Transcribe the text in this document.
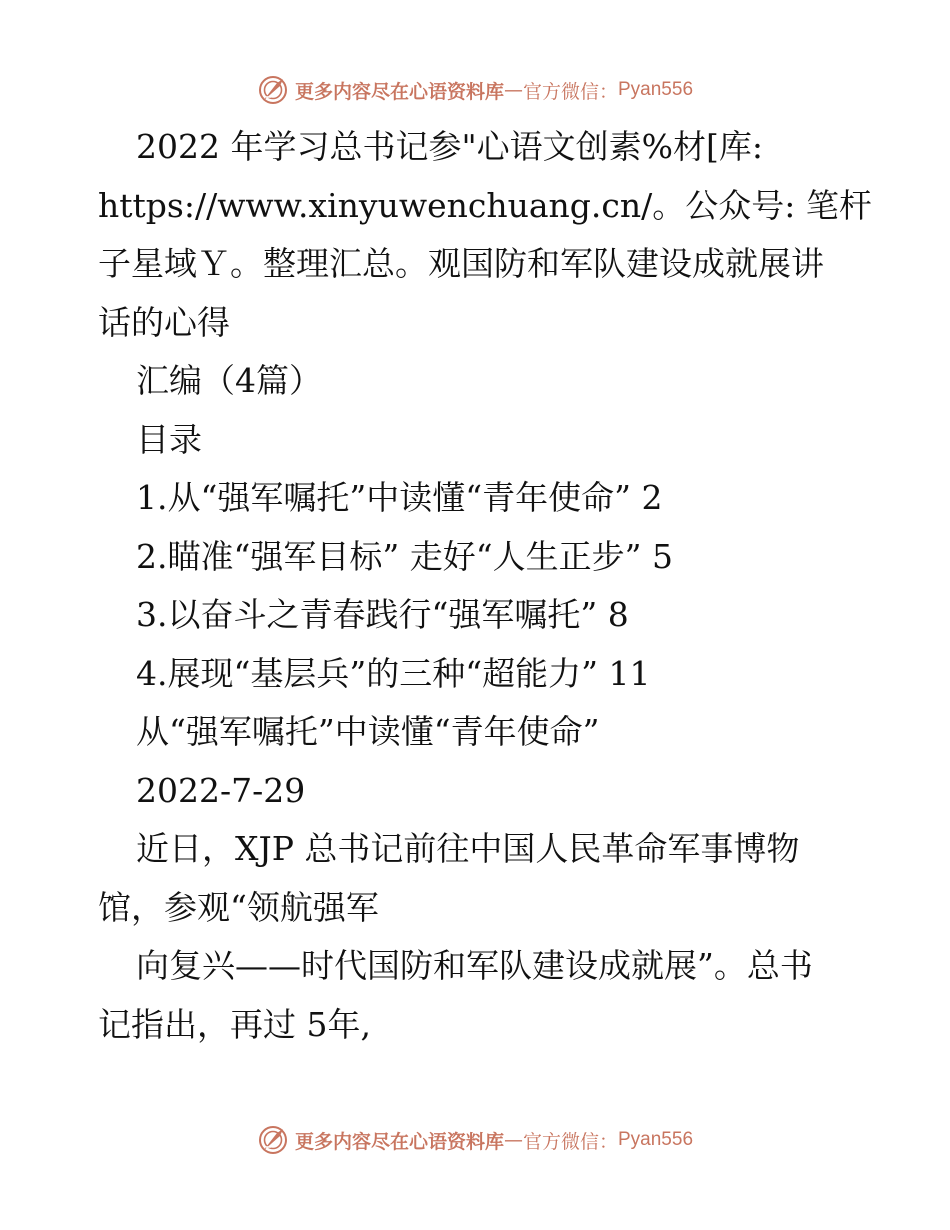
更多内容尽在心语资料库 — 官方微信： Pyan556
2022 年学习总书记参"心语文创素%材[库:
https://www.xinyuwenchuang.cn/。公众号: 笔杆
子星域Ｙ。整理汇总。观国防和军队建设成就展讲
话的心得
汇编（4篇）
目录
1.从“强军嘱托”中读懂“青年使命” 2
2.瞄准“强军目标” 走好“人生正步” 5
3.以奋斗之青春践行“强军嘱托” 8
4.展现“基层兵”的三种“超能力” 11
从“强军嘱托”中读懂“青年使命”
2022-7-29
近日，XJP 总书记前往中国人民革命军事博物
馆，参观“领航强军
向复兴——时代国防和军队建设成就展”。总书
记指出，再过 5年,
更多内容尽在心语资料库 — 官方微信： Pyan556
